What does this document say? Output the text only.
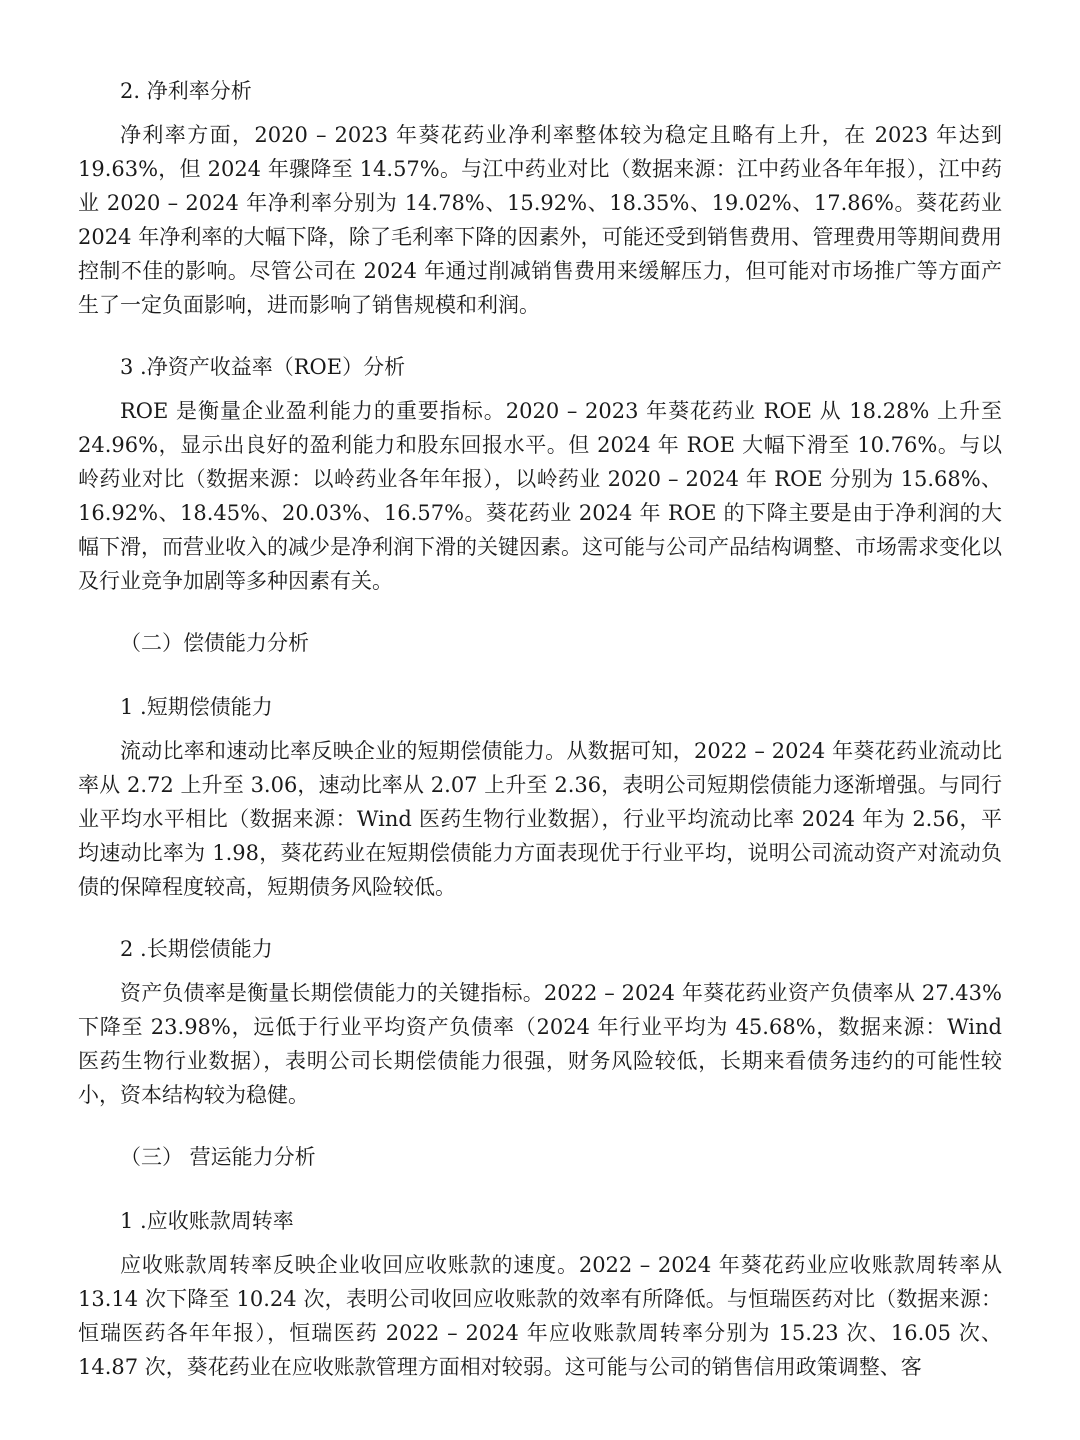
2. 净利率分析

净利率方面，2020 – 2023 年葵花药业净利率整体较为稳定且略有上升，在 2023 年达到 19.63%，但 2024 年骤降至 14.57%。与江中药业对比（数据来源：江中药业各年年报），江中药业 2020 – 2024 年净利率分别为 14.78%、15.92%、18.35%、19.02%、17.86%。葵花药业 2024 年净利率的大幅下降，除了毛利率下降的因素外，可能还受到销售费用、管理费用等期间费用控制不佳的影响。尽管公司在 2024 年通过削减销售费用来缓解压力，但可能对市场推广等方面产生了一定负面影响，进而影响了销售规模和利润。

3 .净资产收益率（ROE）分析

ROE 是衡量企业盈利能力的重要指标。2020 – 2023 年葵花药业 ROE 从 18.28% 上升至 24.96%，显示出良好的盈利能力和股东回报水平。但 2024 年 ROE 大幅下滑至 10.76%。与以岭药业对比（数据来源：以岭药业各年年报），以岭药业 2020 – 2024 年 ROE 分别为 15.68%、16.92%、18.45%、20.03%、16.57%。葵花药业 2024 年 ROE 的下降主要是由于净利润的大幅下滑，而营业收入的减少是净利润下滑的关键因素。这可能与公司产品结构调整、市场需求变化以及行业竞争加剧等多种因素有关。

（二）偿债能力分析
1 .短期偿债能力

流动比率和速动比率反映企业的短期偿债能力。从数据可知，2022 – 2024 年葵花药业流动比率从 2.72 上升至 3.06，速动比率从 2.07 上升至 2.36，表明公司短期偿债能力逐渐增强。与同行业平均水平相比（数据来源：Wind 医药生物行业数据），行业平均流动比率 2024 年为 2.56，平均速动比率为 1.98，葵花药业在短期偿债能力方面表现优于行业平均，说明公司流动资产对流动负债的保障程度较高，短期债务风险较低。

2 .长期偿债能力

资产负债率是衡量长期偿债能力的关键指标。2022 – 2024 年葵花药业资产负债率从 27.43% 下降至 23.98%，远低于行业平均资产负债率（2024 年行业平均为 45.68%，数据来源：Wind 医药生物行业数据），表明公司长期偿债能力很强，财务风险较低，长期来看债务违约的可能性较小，资本结构较为稳健。

（三） 营运能力分析
1 .应收账款周转率

应收账款周转率反映企业收回应收账款的速度。2022 – 2024 年葵花药业应收账款周转率从 13.14 次下降至 10.24 次，表明公司收回应收账款的效率有所降低。与恒瑞医药对比（数据来源：恒瑞医药各年年报），恒瑞医药 2022 – 2024 年应收账款周转率分别为 15.23 次、16.05 次、14.87 次，葵花药业在应收账款管理方面相对较弱。这可能与公司的销售信用政策调整、客
